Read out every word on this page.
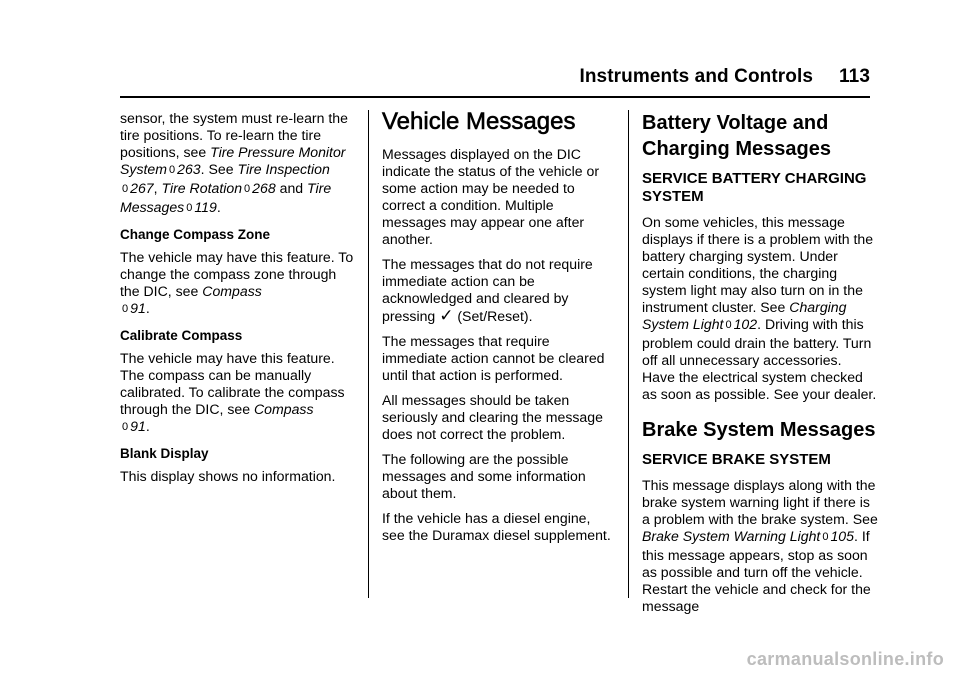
Instruments and Controls 113

sensor, the system must re-learn the tire positions. To re-learn the tire positions, see Tire Pressure Monitor System 0 263. See Tire Inspection
0 267, Tire Rotation 0 268 and Tire Messages 0 119.

Change Compass Zone

The vehicle may have this feature. To change the compass zone through the DIC, see Compass
0 91.

Calibrate Compass

The vehicle may have this feature. The compass can be manually calibrated. To calibrate the compass through the DIC, see Compass
0 91.

Blank Display

This display shows no information.

Vehicle Messages

Messages displayed on the DIC indicate the status of the vehicle or some action may be needed to correct a condition. Multiple messages may appear one after another.

The messages that do not require immediate action can be acknowledged and cleared by pressing ✓ (Set/Reset).

The messages that require immediate action cannot be cleared until that action is performed.

All messages should be taken seriously and clearing the message does not correct the problem.

The following are the possible messages and some information about them.

If the vehicle has a diesel engine, see the Duramax diesel supplement.

Battery Voltage and Charging Messages
SERVICE BATTERY CHARGING SYSTEM

On some vehicles, this message displays if there is a problem with the battery charging system. Under certain conditions, the charging system light may also turn on in the instrument cluster. See Charging System Light 0 102. Driving with this problem could drain the battery. Turn off all unnecessary accessories. Have the electrical system checked as soon as possible. See your dealer.

Brake System Messages
SERVICE BRAKE SYSTEM

This message displays along with the brake system warning light if there is a problem with the brake system. See Brake System Warning Light 0 105. If this message appears, stop as soon as possible and turn off the vehicle. Restart the vehicle and check for the message

carmanualsonline.info
